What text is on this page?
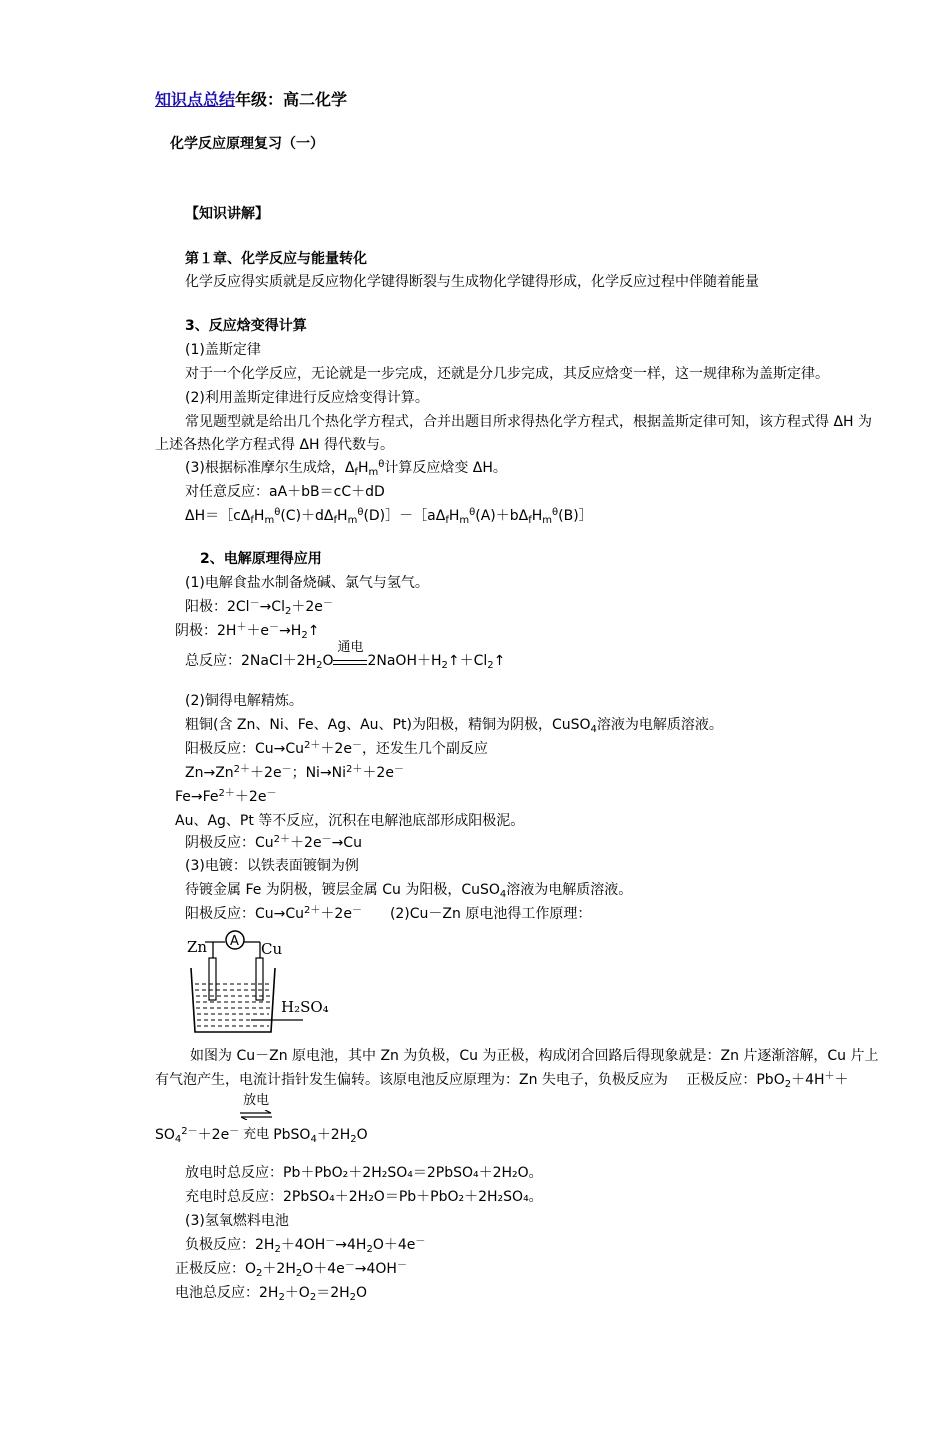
知识点总结年级：高二化学
化学反应原理复习（一）
【知识讲解】
第１章、化学反应与能量转化
化学反应得实质就是反应物化学键得断裂与生成物化学键得形成，化学反应过程中伴随着能量
3、反应焓变得计算
(1)盖斯定律
对于一个化学反应，无论就是一步完成，还就是分几步完成，其反应焓变一样，这一规律称为盖斯定律。
(2)利用盖斯定律进行反应焓变得计算。
常见题型就是给出几个热化学方程式，合并出题目所求得热化学方程式，根据盖斯定律可知，该方程式得 ΔH 为
上述各热化学方程式得 ΔH 得代数与。
(3)根据标准摩尔生成焓，$\Delta_fH_m^\theta$计算反应焓变 ΔH。
对任意反应：aA＋bB＝cC＋dD
$\Delta H=[c\Delta_fH_m^\theta(C)+d\Delta_fH_m^\theta(D)]-[a\Delta_fH_m^\theta(A)+b\Delta_fH_m^\theta(B)]$
2、电解原理得应用
(1)电解食盐水制备烧碱、氯气与氢气。
阳极：$2Cl^-\to Cl_2+2e^-$
阴极：$2H^++e^-\to H_2↑$
总反应：$2NaCl+2H_2O$
通电
$2NaOH+H_2↑+Cl_2↑$
(2)铜得电解精炼。
粗铜(含 Zn、Ni、Fe、Ag、Au、Pt)为阳极，精铜为阴极，CuSO$_4$溶液为电解质溶液。
阳极反应：$Cu\to Cu^{2+}+2e^-$，还发生几个副反应
$Zn\to Zn^{2+}+2e^-$；$Ni\to Ni^{2+}+2e^-$
$Fe\to Fe^{2+}+2e^-$
Au、Ag、Pt 等不反应，沉积在电解池底部形成阳极泥。
阴极反应：$Cu^{2+}+2e^-\to Cu$
(3)电镀：以铁表面镀铜为例
待镀金属 Fe 为阴极，镀层金属 Cu 为阳极，CuSO$_4$溶液为电解质溶液。
阳极反应：$Cu\to Cu^{2+}+2e^-$　　 (2)Cu－Zn 原电池得工作原理：
Zn A Cu
H₂SO₄
如图为 Cu－Zn 原电池，其中 Zn 为负极，Cu 为正极，构成闭合回路后得现象就是：Zn 片逐渐溶解，Cu 片上
有气泡产生，电流计指针发生偏转。该原电池反应原理为：Zn 失电子，负极反应为　 正极反应：PbO$_2$＋4H＋＋
$SO_4^{2-}+2e^-$
放电
充电 $PbSO_4+2H_2O$
放电时总反应：Pb＋PbO₂＋2H₂SO₄＝2PbSO₄＋2H₂O。
充电时总反应：2PbSO₄＋2H₂O＝Pb＋PbO₂＋2H₂SO₄。
(3)氢氧燃料电池
负极反应：$2H_2+4OH^-\to 4H_2O+4e^-$
正极反应：$O_2+2H_2O+4e^-\to 4OH^-$
电池总反应：$2H_2+O_2=2H_2O$
